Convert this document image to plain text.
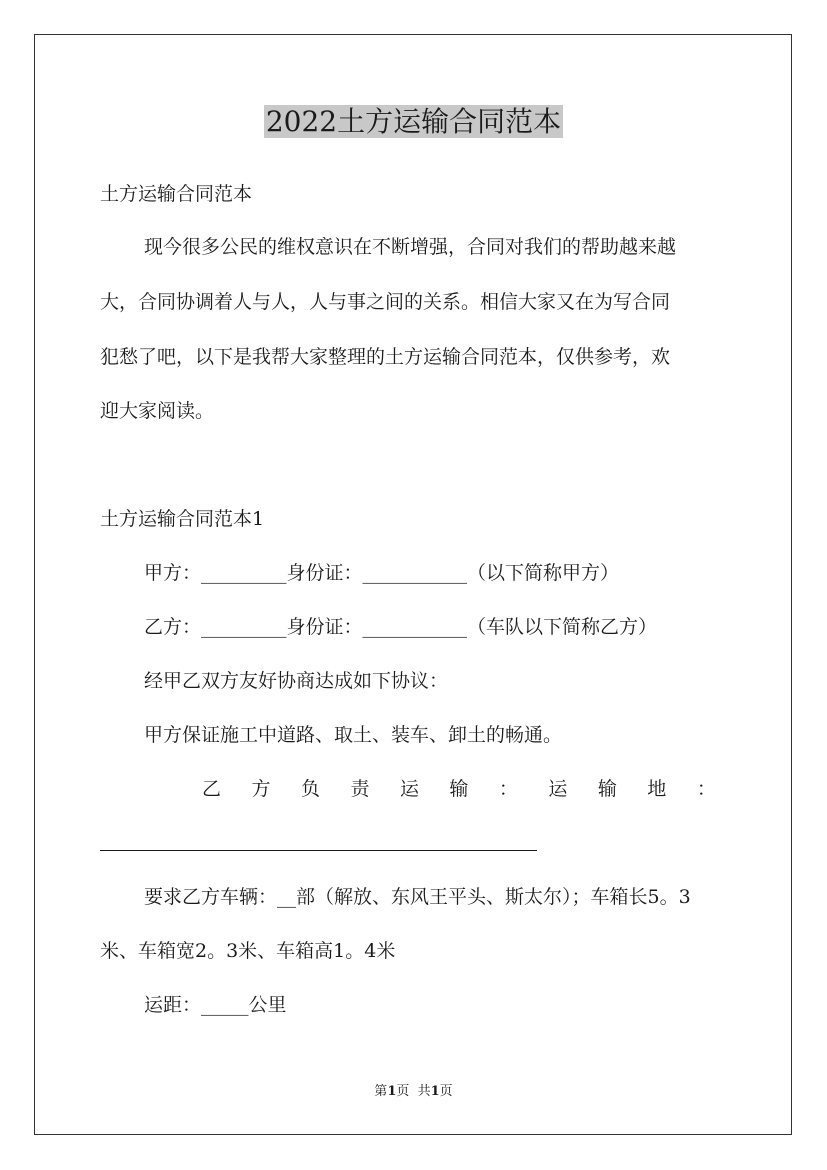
2022土方运输合同范本
土方运输合同范本
现今很多公民的维权意识在不断增强，合同对我们的帮助越来越
大，合同协调着人与人，人与事之间的关系。相信大家又在为写合同
犯愁了吧，以下是我帮大家整理的土方运输合同范本，仅供参考，欢
迎大家阅读。
土方运输合同范本1
甲方：_________身份证：___________（以下简称甲方）
乙方：_________身份证：___________（车队以下简称乙方）
经甲乙双方友好协商达成如下协议：
甲方保证施工中道路、取土、装车、卸土的畅通。
乙 方 负 责 运 输 ： 运 输 地 ：
要求乙方车辆：__部（解放、东风王平头、斯太尔）；车箱长5。3
米、车箱宽2。3米、车箱高1。4米
运距：_____公里
第1页  共1页
